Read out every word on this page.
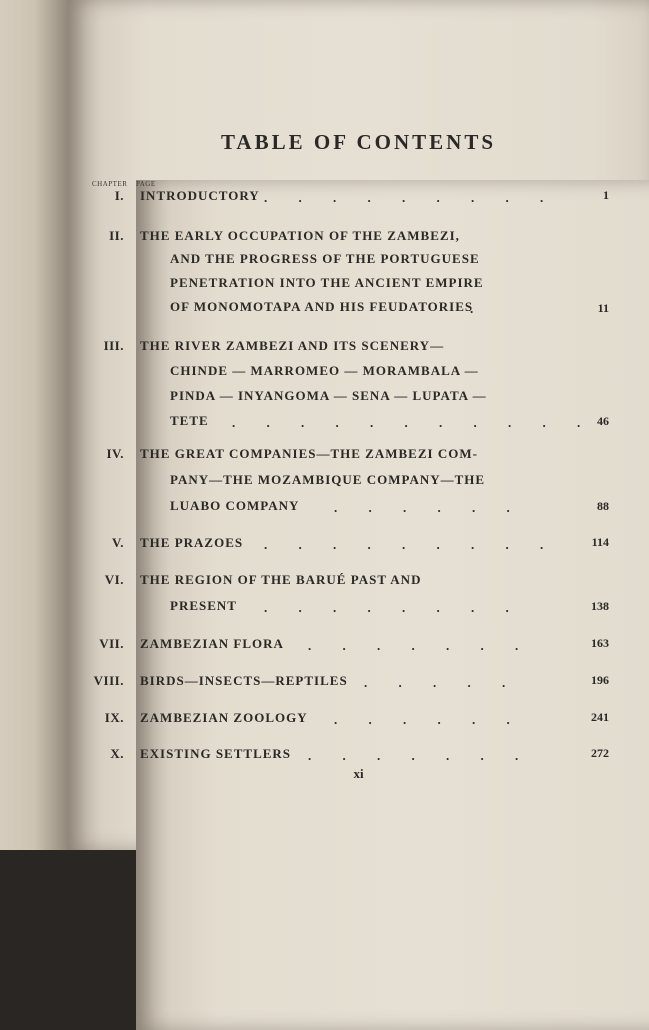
TABLE OF CONTENTS
CHAPTER PAGE
I. INTRODUCTORY . . . . . . . . .	1
II. THE EARLY OCCUPATION OF THE ZAMBEZI,
AND THE PROGRESS OF THE PORTUGUESE
PENETRATION INTO THE ANCIENT EMPIRE
OF MONOMOTAPA AND HIS FEUDATORIES
.	11
III. THE RIVER ZAMBEZI AND ITS SCENERY—
CHINDE — MARROMEO — MORAMBALA —
PINDA — INYANGOMA — SENA — LUPATA —
TETE . . . . . . . . . . . 46
IV. THE GREAT COMPANIES—THE ZAMBEZI COM-
PANY—THE MOZAMBIQUE COMPANY—THE
LUABO COMPANY	. . . . . .	88
V. THE PRAZOES . . . . . . . . .	114
VI. THE REGION OF THE BARUÉ PAST AND
PRESENT . . . . . . . .	138
VII. ZAMBEZIAN FLORA . . . . . . .	163
VIII. BIRDS—INSECTS—REPTILES . . . . .	196
IX. ZAMBEZIAN ZOOLOGY . . . . . .	241
X. EXISTING SETTLERS . . . . . . .	272
xi
